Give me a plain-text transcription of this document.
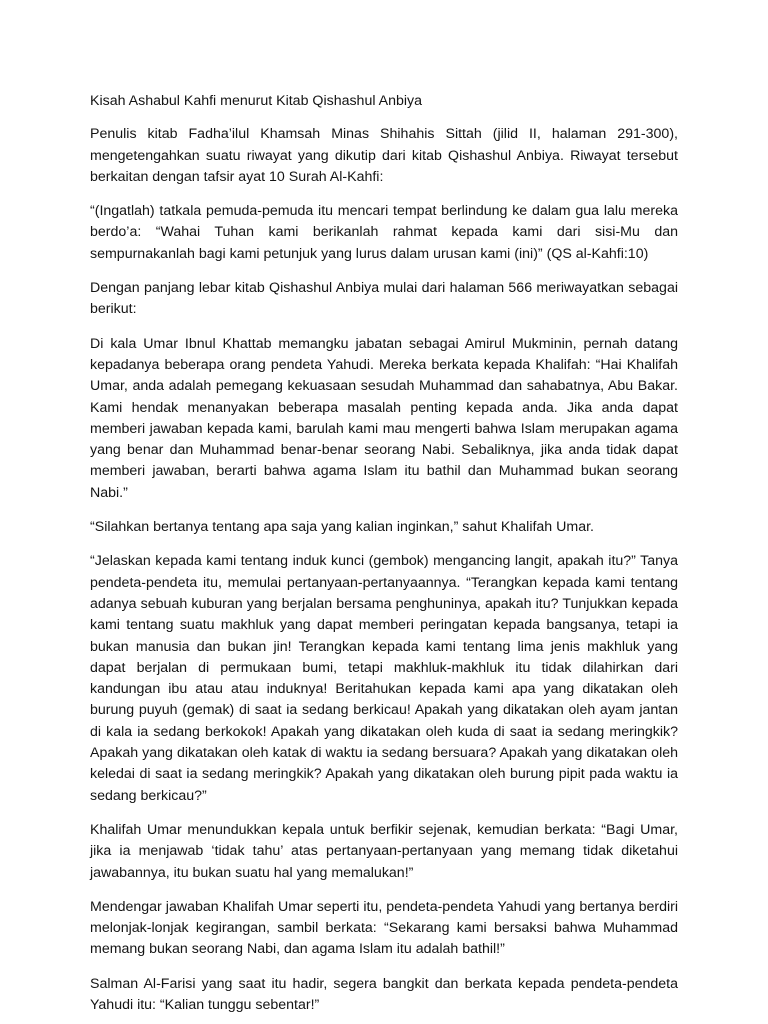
Kisah Ashabul Kahfi menurut Kitab Qishashul Anbiya

Penulis kitab Fadha’ilul Khamsah Minas Shihahis Sittah (jilid II, halaman 291-300), mengetengahkan suatu riwayat yang dikutip dari kitab Qishashul Anbiya. Riwayat tersebut berkaitan dengan tafsir ayat 10 Surah Al-Kahfi:

“(Ingatlah) tatkala pemuda-pemuda itu mencari tempat berlindung ke dalam gua lalu mereka berdo’a: “Wahai Tuhan kami berikanlah rahmat kepada kami dari sisi-Mu dan sempurnakanlah bagi kami petunjuk yang lurus dalam urusan kami (ini)” (QS al-Kahfi:10)

Dengan panjang lebar kitab Qishashul Anbiya mulai dari halaman 566 meriwayatkan sebagai berikut:

Di kala Umar Ibnul Khattab memangku jabatan sebagai Amirul Mukminin, pernah datang kepadanya beberapa orang pendeta Yahudi. Mereka berkata kepada Khalifah: “Hai Khalifah Umar, anda adalah pemegang kekuasaan sesudah Muhammad dan sahabatnya, Abu Bakar. Kami hendak menanyakan beberapa masalah penting kepada anda. Jika anda dapat memberi jawaban kepada kami, barulah kami mau mengerti bahwa Islam merupakan agama yang benar dan Muhammad benar-benar seorang Nabi. Sebaliknya, jika anda tidak dapat memberi jawaban, berarti bahwa agama Islam itu bathil dan Muhammad bukan seorang Nabi.”

“Silahkan bertanya tentang apa saja yang kalian inginkan,” sahut Khalifah Umar.

“Jelaskan kepada kami tentang induk kunci (gembok) mengancing langit, apakah itu?” Tanya pendeta-pendeta itu, memulai pertanyaan-pertanyaannya. “Terangkan kepada kami tentang adanya sebuah kuburan yang berjalan bersama penghuninya, apakah itu? Tunjukkan kepada kami tentang suatu makhluk yang dapat memberi peringatan kepada bangsanya, tetapi ia bukan manusia dan bukan jin! Terangkan kepada kami tentang lima jenis makhluk yang dapat berjalan di permukaan bumi, tetapi makhluk-makhluk itu tidak dilahirkan dari kandungan ibu atau atau induknya! Beritahukan kepada kami apa yang dikatakan oleh burung puyuh (gemak) di saat ia sedang berkicau! Apakah yang dikatakan oleh ayam jantan di kala ia sedang berkokok! Apakah yang dikatakan oleh kuda di saat ia sedang meringkik? Apakah yang dikatakan oleh katak di waktu ia sedang bersuara? Apakah yang dikatakan oleh keledai di saat ia sedang meringkik? Apakah yang dikatakan oleh burung pipit pada waktu ia sedang berkicau?”

Khalifah Umar menundukkan kepala untuk berfikir sejenak, kemudian berkata: “Bagi Umar, jika ia menjawab ‘tidak tahu’ atas pertanyaan-pertanyaan yang memang tidak diketahui jawabannya, itu bukan suatu hal yang memalukan!”

Mendengar jawaban Khalifah Umar seperti itu, pendeta-pendeta Yahudi yang bertanya berdiri melonjak-lonjak kegirangan, sambil berkata: “Sekarang kami bersaksi bahwa Muhammad memang bukan seorang Nabi, dan agama Islam itu adalah bathil!”

Salman Al-Farisi yang saat itu hadir, segera bangkit dan berkata kepada pendeta-pendeta Yahudi itu: “Kalian tunggu sebentar!”
